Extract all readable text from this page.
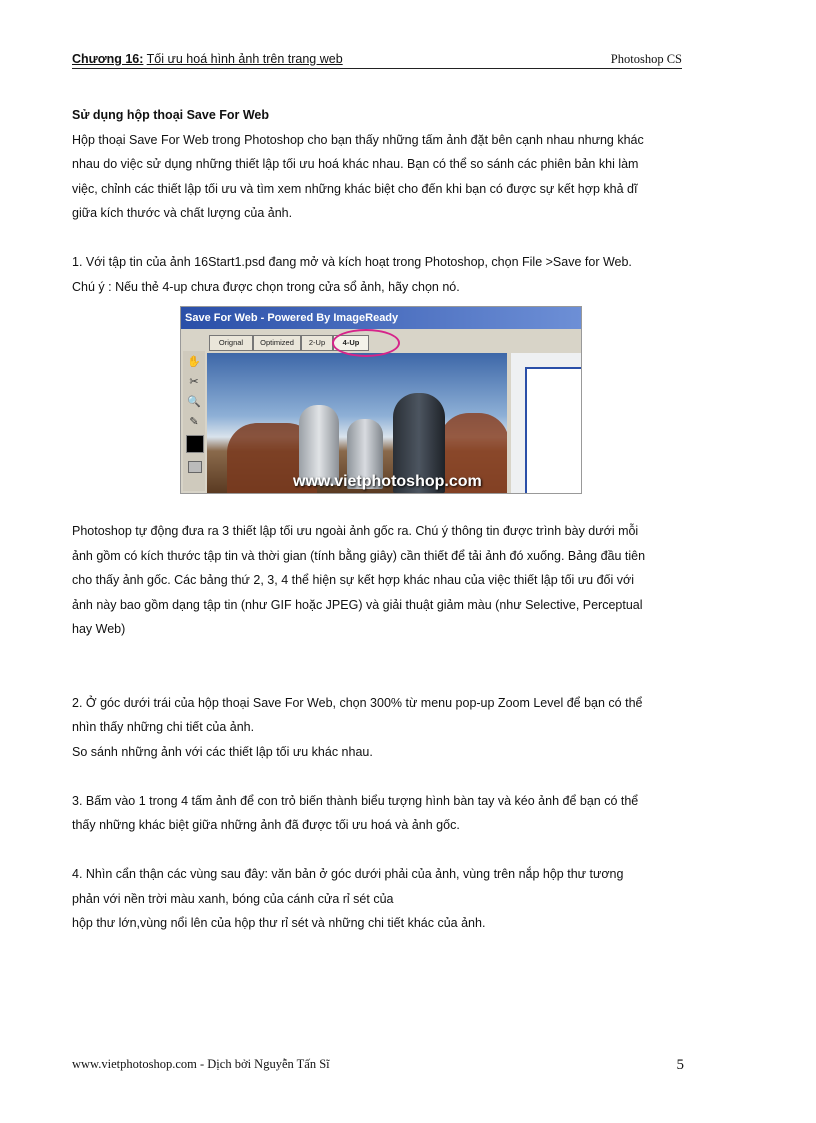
Chương 16: Tối ưu hoá hình ảnh trên trang web	Photoshop CS

Sử dụng hộp thoại Save For Web

Hộp thoại Save For Web trong Photoshop cho bạn thấy những tấm ảnh đặt bên cạnh nhau nhưng khác

nhau do việc sử dụng những thiết lập tối ưu hoá khác nhau. Bạn có thể so sánh các phiên bản khi làm

việc, chỉnh các thiết lập tối ưu và tìm xem những khác biệt cho đến khi bạn có được sự kết hợp khả dĩ

giữa kích thước và chất lượng của ảnh.

1. Với tập tin của ảnh 16Start1.psd đang mở và kích hoạt trong Photoshop, chọn File >Save for Web.

Chú ý : Nếu thẻ 4-up chưa được chọn trong cửa sổ ảnh, hãy chọn nó.

Photoshop tự động đưa ra 3 thiết lập tối ưu ngoài ảnh gốc ra. Chú ý thông tin được trình bày dưới mỗi

ảnh gồm có kích thước tập tin và thời gian (tính bằng giây) cần thiết để tải ảnh đó xuống. Bảng đầu tiên

cho thấy ảnh gốc. Các bảng thứ 2, 3, 4 thể hiện sự kết hợp khác nhau của việc thiết lập tối ưu đối với

ảnh này bao gồm dạng tập tin (như GIF hoặc JPEG) và giải thuật giảm màu (như Selective, Perceptual

hay Web)

2. Ở góc dưới trái của hộp thoại Save For Web, chọn 300% từ menu pop-up Zoom Level để bạn có thể

nhìn thấy những chi tiết của ảnh.

So sánh những ảnh với các thiết lập tối ưu khác nhau.

3. Bấm vào 1 trong 4 tấm ảnh để con trỏ biến thành biểu tượng hình bàn tay và kéo ảnh để bạn có thể

thấy những khác biệt giữa những ảnh đã được tối ưu hoá và ảnh gốc.

4. Nhìn cẩn thận các vùng sau đây: văn bản ở góc dưới phải của ảnh, vùng trên nắp hộp thư tương

phản với nền trời màu xanh, bóng của cánh cửa rỉ sét của

hộp thư lớn,vùng nổi lên của hộp thư rỉ sét và những chi tiết khác của ảnh.

Save For Web - Powered By ImageReady
Orignal	Optimized	2-Up	4-Up
✋
✂
🔍
✎
www.vietphotoshop.com
www.vietphotoshop.com - Dịch bởi Nguyễn Tấn Sĩ	5
